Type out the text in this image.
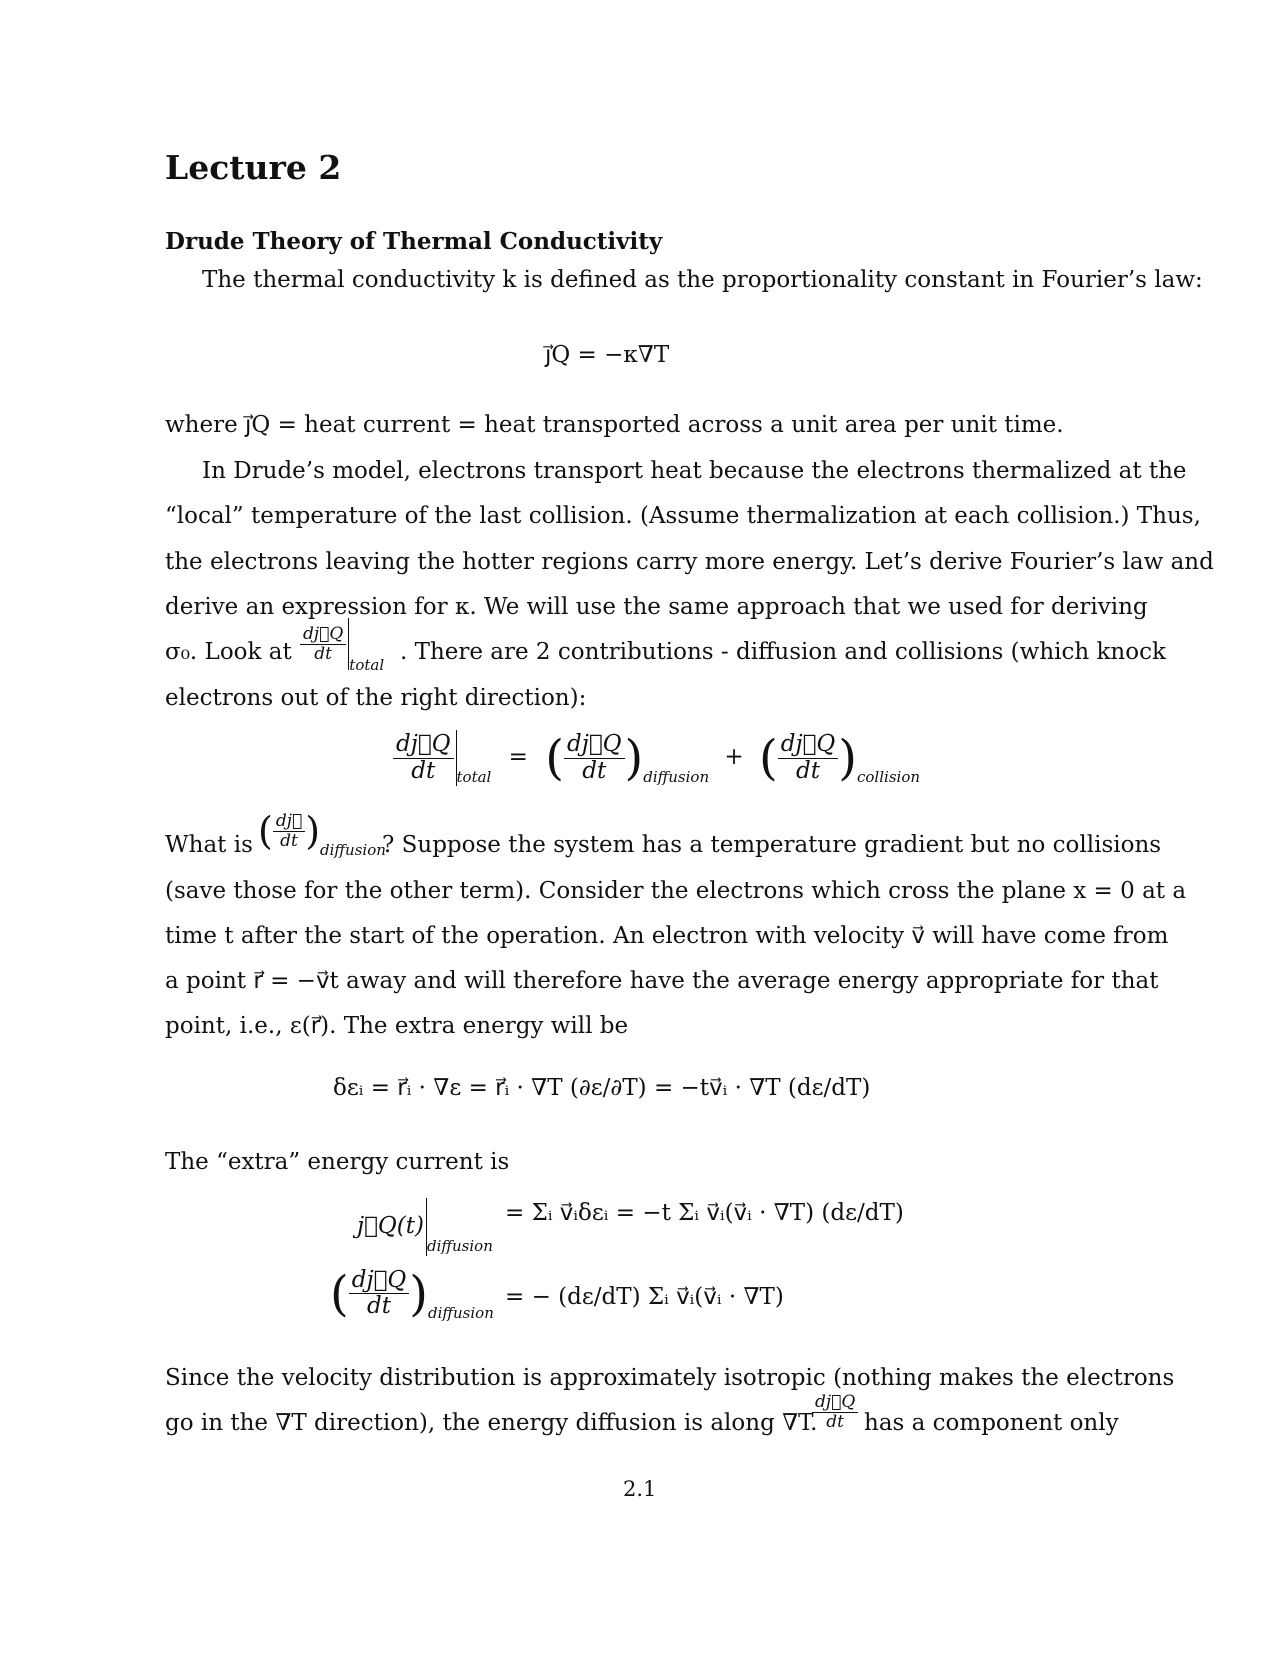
Lecture 2
Drude Theory of Thermal Conductivity
The thermal conductivity k is defined as the proportionality constant in Fourier’s law:
j⃗Q = −κ∇T
where j⃗Q = heat current = heat transported across a unit area per unit time.
In Drude’s model, electrons transport heat because the electrons thermalized at the
“local” temperature of the last collision. (Assume thermalization at each collision.) Thus,
the electrons leaving the hotter regions carry more energy. Let’s derive Fourier’s law and
derive an expression for κ. We will use the same approach that we used for deriving
σ₀. Look at $\frac{dj⃗Q}{dt}$
$_{total}$ . There are 2 contributions - diffusion and collisions (which knock
electrons out of the right direction):
$\frac{dj⃗Q}{dt} _{total}$ = ( $\frac{dj⃗Q}{dt} )_{diffusion}$ + ( $\frac{dj⃗Q}{dt} )_{collision}$
What is ( $\frac{dj⃗}{dt} )_{diffusion}$
? Suppose the system has a temperature gradient but no collisions
(save those for the other term). Consider the electrons which cross the plane x = 0 at a
time t after the start of the operation. An electron with velocity v⃗ will have come from
a point r⃗ = −v⃗t away and will therefore have the average energy appropriate for that
point, i.e., ε(r⃗). The extra energy will be
δεᵢ = r⃗ᵢ · ∇ε = r⃗ᵢ · ∇T (∂ε/∂T) = −tv⃗ᵢ · ∇T (dε/dT)
The “extra” energy current is
$j⃗Q(t)_{diffusion}$
= Σᵢ v⃗ᵢδεᵢ = −t Σᵢ v⃗ᵢ(v⃗ᵢ · ∇T) (dε/dT)
( $\frac{dj⃗Q}{dt} )_{diffusion}$
= − (dε/dT) Σᵢ v⃗ᵢ(v⃗ᵢ · ∇T)
Since the velocity distribution is approximately isotropic (nothing makes the electrons
go in the ∇T direction), the energy diffusion is along ∇T.
$\frac{dj⃗Q}{dt}$ has a component only
2.1
